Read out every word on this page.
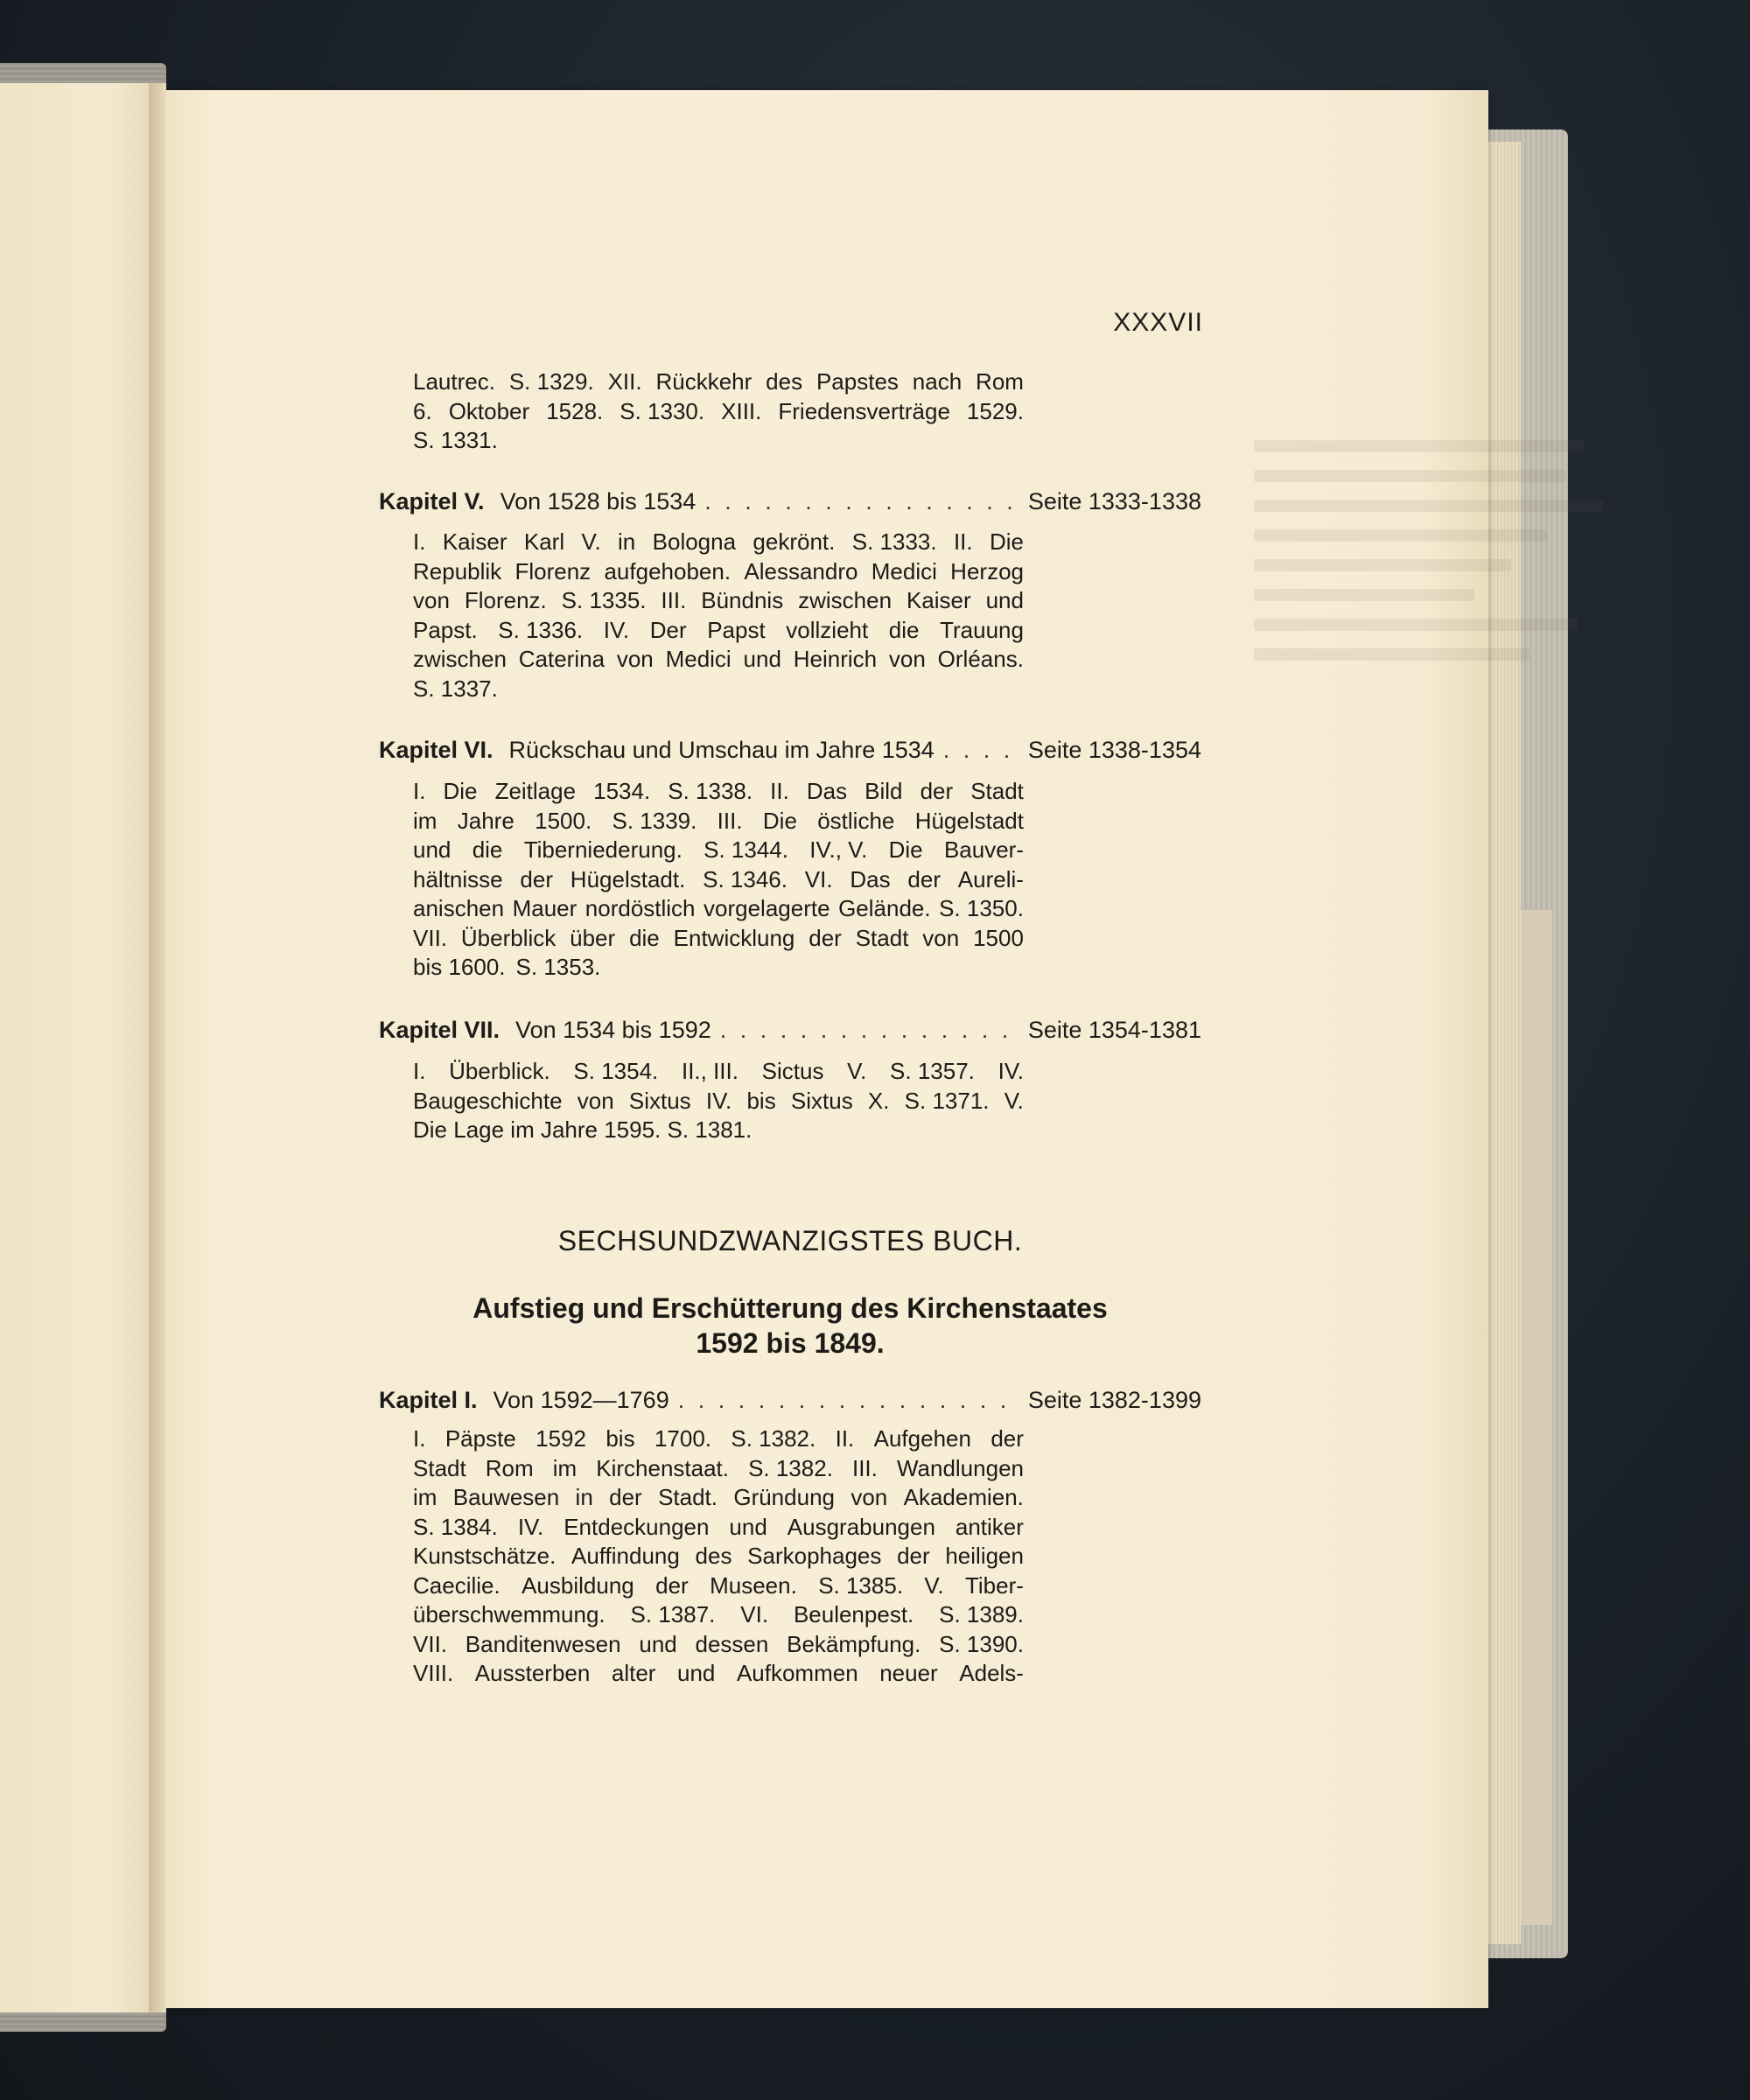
XXXVII
Lautrec. S. 1329. XII. Rückkehr des Papstes nach Rom
6. Oktober 1528. S. 1330. XIII. Friedensverträge 1529.
S. 1331.
Kapitel V. Von 1528 bis 1534 . . .	Seite 1333-1338
I. Kaiser Karl V. in Bologna gekrönt. S. 1333. II. Die
Republik Florenz aufgehoben. Alessandro Medici Herzog
von Florenz. S. 1335. III. Bündnis zwischen Kaiser und
Papst. S. 1336. IV. Der Papst vollzieht die Trauung
zwischen Caterina von Medici und Heinrich von Orléans.
S. 1337.
Kapitel VI. Rückschau und Umschau im Jahre 1534 . . .	Seite 1338-1354
I. Die Zeitlage 1534. S. 1338. II. Das Bild der Stadt
im Jahre 1500. S. 1339. III. Die östliche Hügelstadt
und die Tiberniederung. S. 1344. IV., V. Die Bauver-
hältnisse der Hügelstadt. S. 1346. VI. Das der Aureli-
anischen Mauer nordöstlich vorgelagerte Gelände. S. 1350.
VII. Überblick über die Entwicklung der Stadt von 1500
bis 1600. S. 1353.
Kapitel VII. Von 1534 bis 1592 . . .	Seite 1354-1381
I. Überblick. S. 1354. II., III. Sictus V. S. 1357. IV.
Baugeschichte von Sixtus IV. bis Sixtus X. S. 1371. V.
Die Lage im Jahre 1595. S. 1381.
SECHSUNDZWANZIGSTES BUCH.
Aufstieg und Erschütterung des Kirchenstaates
1592 bis 1849.
Kapitel I. Von 1592—1769 . . .	Seite 1382-1399
I. Päpste 1592 bis 1700. S. 1382. II. Aufgehen der
Stadt Rom im Kirchenstaat. S. 1382. III. Wandlungen
im Bauwesen in der Stadt. Gründung von Akademien.
S. 1384. IV. Entdeckungen und Ausgrabungen antiker
Kunstschätze. Auffindung des Sarkophages der heiligen
Caecilie. Ausbildung der Museen. S. 1385. V. Tiber-
überschwemmung. S. 1387. VI. Beulenpest. S. 1389.
VII. Banditenwesen und dessen Bekämpfung. S. 1390.
VIII. Aussterben alter und Aufkommen neuer Adels-
